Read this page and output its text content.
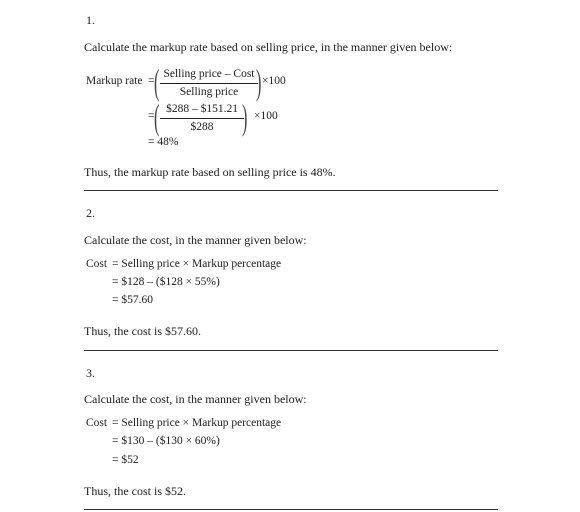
1.
Calculate the markup rate based on selling price, in the manner given below:
Markup rate = ( Selling price – Cost
Selling price ) ×100
= ( $288 – $151.21
$288 ) ×100
= 48%
Thus, the markup rate based on selling price is 48%.
2.
Calculate the cost, in the manner given below:
Cost = Selling price × Markup percentage
= $128 – ($128 × 55%)
= $57.60
Thus, the cost is $57.60.
3.
Calculate the cost, in the manner given below:
Cost = Selling price × Markup percentage
= $130 – ($130 × 60%)
= $52
Thus, the cost is $52.
